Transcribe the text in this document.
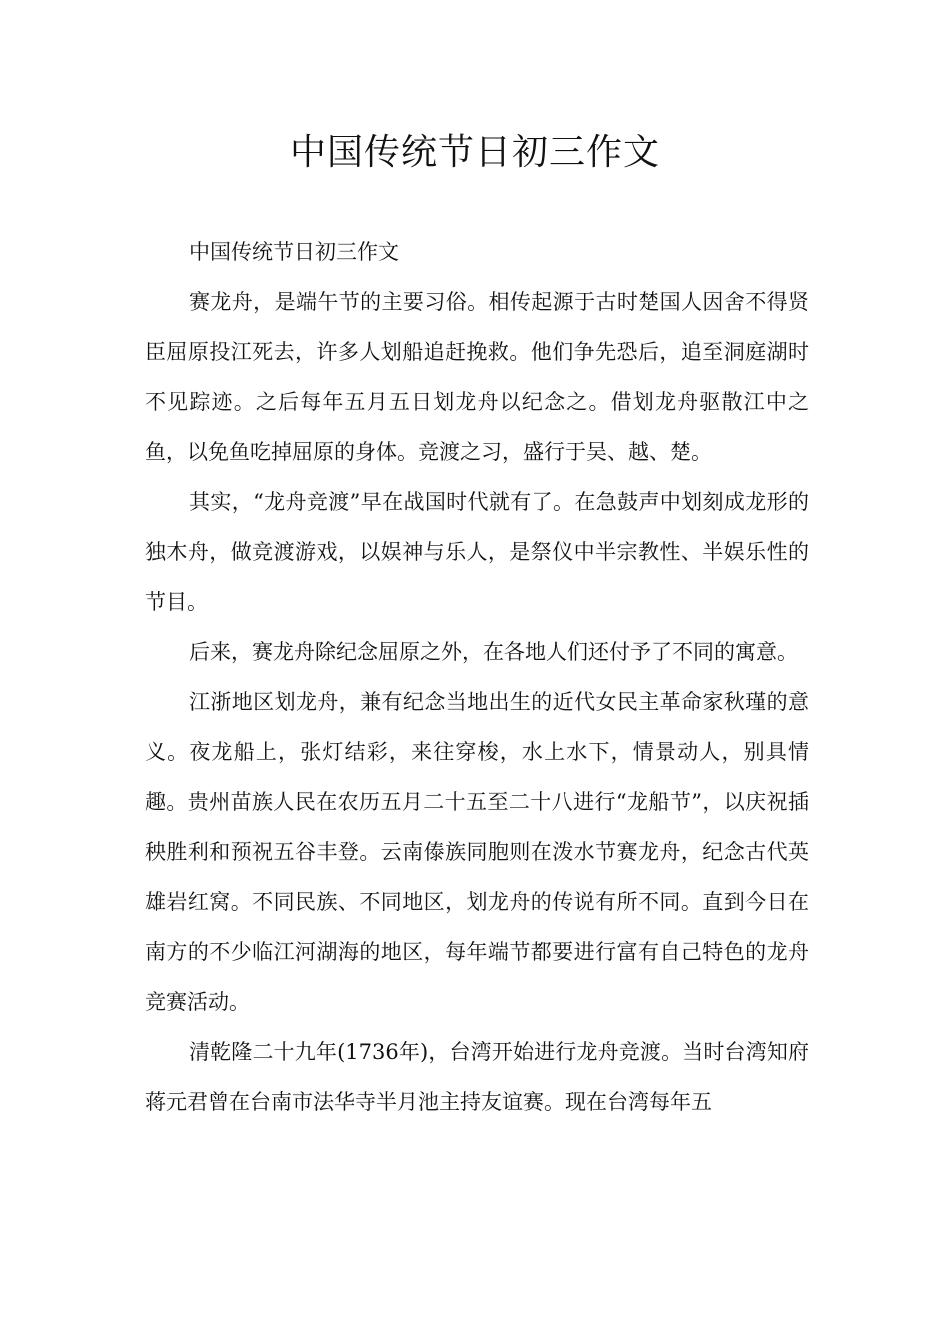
中国传统节日初三作文

中国传统节日初三作文

赛龙舟，是端午节的主要习俗。相传起源于古时楚国人因舍不得贤臣屈原投江死去，许多人划船追赶挽救。他们争先恐后，追至洞庭湖时不见踪迹。之后每年五月五日划龙舟以纪念之。借划龙舟驱散江中之鱼，以免鱼吃掉屈原的身体。竞渡之习，盛行于吴、越、楚。

其实，“龙舟竞渡”早在战国时代就有了。在急鼓声中划刻成龙形的独木舟，做竞渡游戏，以娱神与乐人，是祭仪中半宗教性、半娱乐性的节目。

后来，赛龙舟除纪念屈原之外，在各地人们还付予了不同的寓意。

江浙地区划龙舟，兼有纪念当地出生的近代女民主革命家秋瑾的意义。夜龙船上，张灯结彩，来往穿梭，水上水下，情景动人，别具情趣。贵州苗族人民在农历五月二十五至二十八进行“龙船节”，以庆祝插秧胜利和预祝五谷丰登。云南傣族同胞则在泼水节赛龙舟，纪念古代英雄岩红窝。不同民族、不同地区，划龙舟的传说有所不同。直到今日在南方的不少临江河湖海的地区，每年端节都要进行富有自己特色的龙舟竞赛活动。

清乾隆二十九年(1736年)，台湾开始进行龙舟竞渡。当时台湾知府蒋元君曾在台南市法华寺半月池主持友谊赛。现在台湾每年五
